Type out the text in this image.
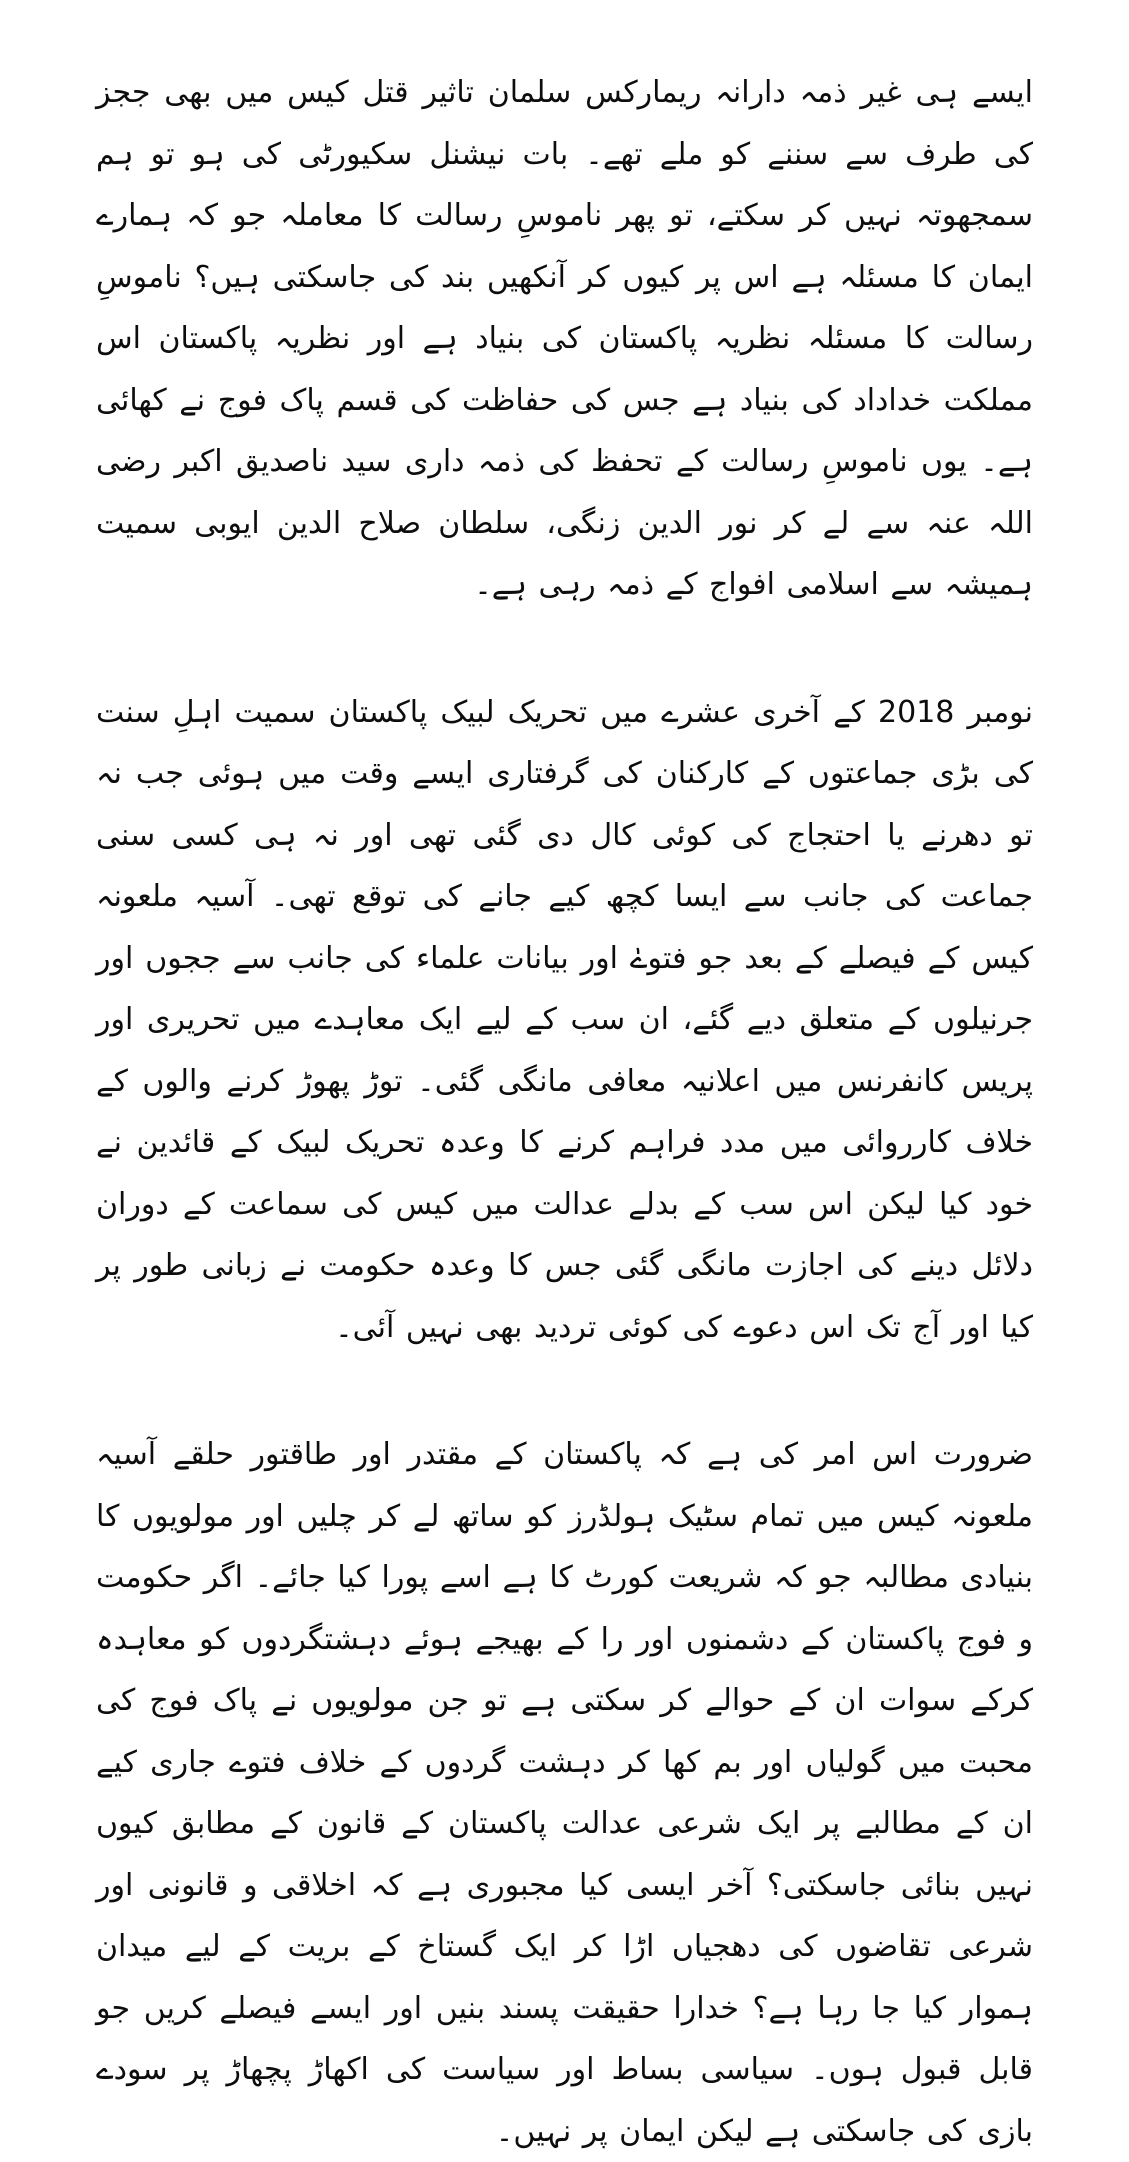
ایسے ہی غیر ذمہ دارانہ ریمارکس سلمان تاثیر قتل کیس میں بھی ججز کی طرف سے سننے کو ملے تھے۔ بات نیشنل سکیورٹی کی ہو تو ہم سمجھوتہ نہیں کر سکتے، تو پھر ناموسِ رسالت کا معاملہ جو کہ ہمارے ایمان کا مسئلہ ہے اس پر کیوں کر آنکھیں بند کی جاسکتی ہیں؟ ناموسِ رسالت کا مسئلہ نظریہ پاکستان کی بنیاد ہے اور نظریہ پاکستان اس مملکت خداداد کی بنیاد ہے جس کی حفاظت کی قسم پاک فوج نے کھائی ہے۔ یوں ناموسِ رسالت کے تحفظ کی ذمہ داری سید ناصدیق اکبر رضی اللہ عنہ سے لے کر نور الدین زنگی، سلطان صلاح الدین ایوبی سمیت ہمیشہ سے اسلامی افواج کے ذمہ رہی ہے۔

نومبر 2018 کے آخری عشرے میں تحریک لبیک پاکستان سمیت اہلِ سنت کی بڑی جماعتوں کے کارکنان کی گرفتاری ایسے وقت میں ہوئی جب نہ تو دھرنے یا احتجاج کی کوئی کال دی گئی تھی اور نہ ہی کسی سنی جماعت کی جانب سے ایسا کچھ کیے جانے کی توقع تھی۔ آسیہ ملعونہ کیس کے فیصلے کے بعد جو فتوےٰ اور بیانات علماء کی جانب سے ججوں اور جرنیلوں کے متعلق دیے گئے، ان سب کے لیے ایک معاہدے میں تحریری اور پریس کانفرنس میں اعلانیہ معافی مانگی گئی۔ توڑ پھوڑ کرنے والوں کے خلاف کارروائی میں مدد فراہم کرنے کا وعدہ تحریک لبیک کے قائدین نے خود کیا لیکن اس سب کے بدلے عدالت میں کیس کی سماعت کے دوران دلائل دینے کی اجازت مانگی گئی جس کا وعدہ حکومت نے زبانی طور پر کیا اور آج تک اس دعوے کی کوئی تردید بھی نہیں آئی۔

ضرورت اس امر کی ہے کہ پاکستان کے مقتدر اور طاقتور حلقے آسیہ ملعونہ کیس میں تمام سٹیک ہولڈرز کو ساتھ لے کر چلیں اور مولویوں کا بنیادی مطالبہ جو کہ شریعت کورٹ کا ہے اسے پورا کیا جائے۔ اگر حکومت و فوج پاکستان کے دشمنوں اور را کے بھیجے ہوئے دہشتگردوں کو معاہدہ کرکے سوات ان کے حوالے کر سکتی ہے تو جن مولویوں نے پاک فوج کی محبت میں گولیاں اور بم کھا کر دہشت گردوں کے خلاف فتوے جاری کیے ان کے مطالبے پر ایک شرعی عدالت پاکستان کے قانون کے مطابق کیوں نہیں بنائی جاسکتی؟ آخر ایسی کیا مجبوری ہے کہ اخلاقی و قانونی اور شرعی تقاضوں کی دھجیاں اڑا کر ایک گستاخ کے بریت کے لیے میدان ہموار کیا جا رہا ہے؟ خدارا حقیقت پسند بنیں اور ایسے فیصلے کریں جو قابل قبول ہوں۔ سیاسی بساط اور سیاست کی اکھاڑ پچھاڑ پر سودے بازی کی جاسکتی ہے لیکن ایمان پر نہیں۔
